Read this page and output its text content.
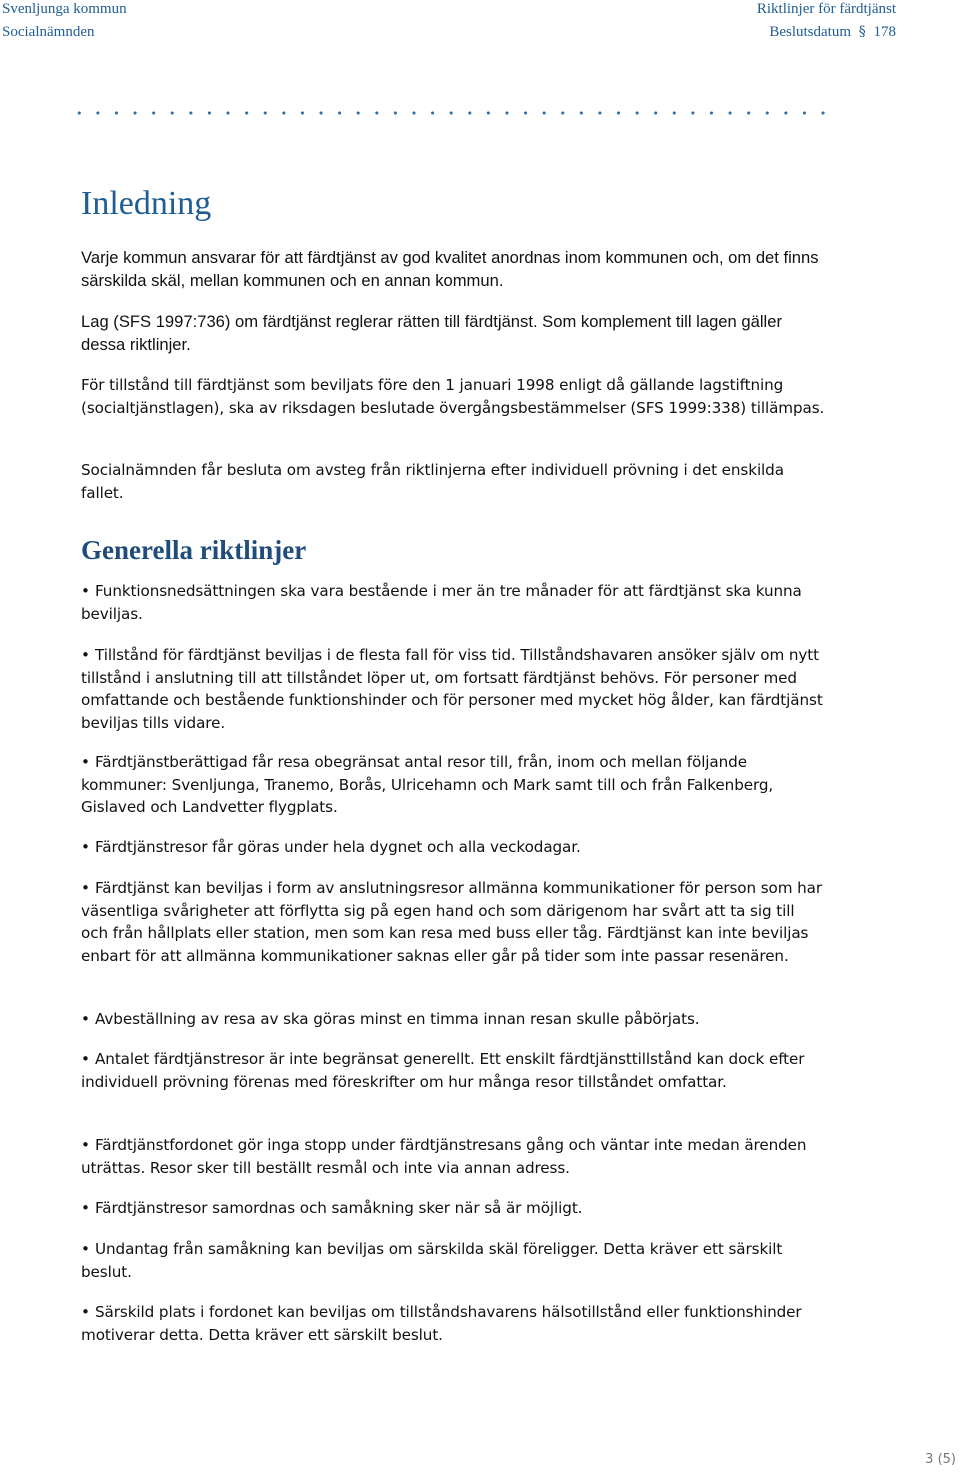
Svenljunga kommun
Socialnämnden
Riktlinjer för färdtjänst
Beslutsdatum § 178
Inledning

Varje kommun ansvarar för att färdtjänst av god kvalitet anordnas inom kommunen och, om det finns särskilda skäl, mellan kommunen och en annan kommun.

Lag (SFS 1997:736) om färdtjänst reglerar rätten till färdtjänst. Som komplement till lagen gäller dessa riktlinjer.

För tillstånd till färdtjänst som beviljats före den 1 januari 1998 enligt då gällande lagstiftning (socialtjänstlagen), ska av riksdagen beslutade övergångsbestämmelser (SFS 1999:338) tillämpas.

Socialnämnden får besluta om avsteg från riktlinjerna efter individuell prövning i det enskilda fallet.

Generella riktlinjer

• Funktionsnedsättningen ska vara bestående i mer än tre månader för att färdtjänst ska kunna beviljas.

• Tillstånd för färdtjänst beviljas i de flesta fall för viss tid. Tillståndshavaren ansöker själv om nytt tillstånd i anslutning till att tillståndet löper ut, om fortsatt färdtjänst behövs. För personer med omfattande och bestående funktionshinder och för personer med mycket hög ålder, kan färdtjänst beviljas tills vidare.

• Färdtjänstberättigad får resa obegränsat antal resor till, från, inom och mellan följande kommuner: Svenljunga, Tranemo, Borås, Ulricehamn och Mark samt till och från Falkenberg, Gislaved och Landvetter flygplats.

• Färdtjänstresor får göras under hela dygnet och alla veckodagar.

• Färdtjänst kan beviljas i form av anslutningsresor allmänna kommunikationer för person som har väsentliga svårigheter att förflytta sig på egen hand och som därigenom har svårt att ta sig till och från hållplats eller station, men som kan resa med buss eller tåg. Färdtjänst kan inte beviljas enbart för att allmänna kommunikationer saknas eller går på tider som inte passar resenären.

• Avbeställning av resa av ska göras minst en timma innan resan skulle påbörjats.

• Antalet färdtjänstresor är inte begränsat generellt. Ett enskilt färdtjänsttillstånd kan dock efter individuell prövning förenas med föreskrifter om hur många resor tillståndet omfattar.

• Färdtjänstfordonet gör inga stopp under färdtjänstresans gång och väntar inte medan ärenden uträttas. Resor sker till beställt resmål och inte via annan adress.

• Färdtjänstresor samordnas och samåkning sker när så är möjligt.

• Undantag från samåkning kan beviljas om särskilda skäl föreligger. Detta kräver ett särskilt beslut.

• Särskild plats i fordonet kan beviljas om tillståndshavarens hälsotillstånd eller funktionshinder motiverar detta. Detta kräver ett särskilt beslut.

3 (5)
